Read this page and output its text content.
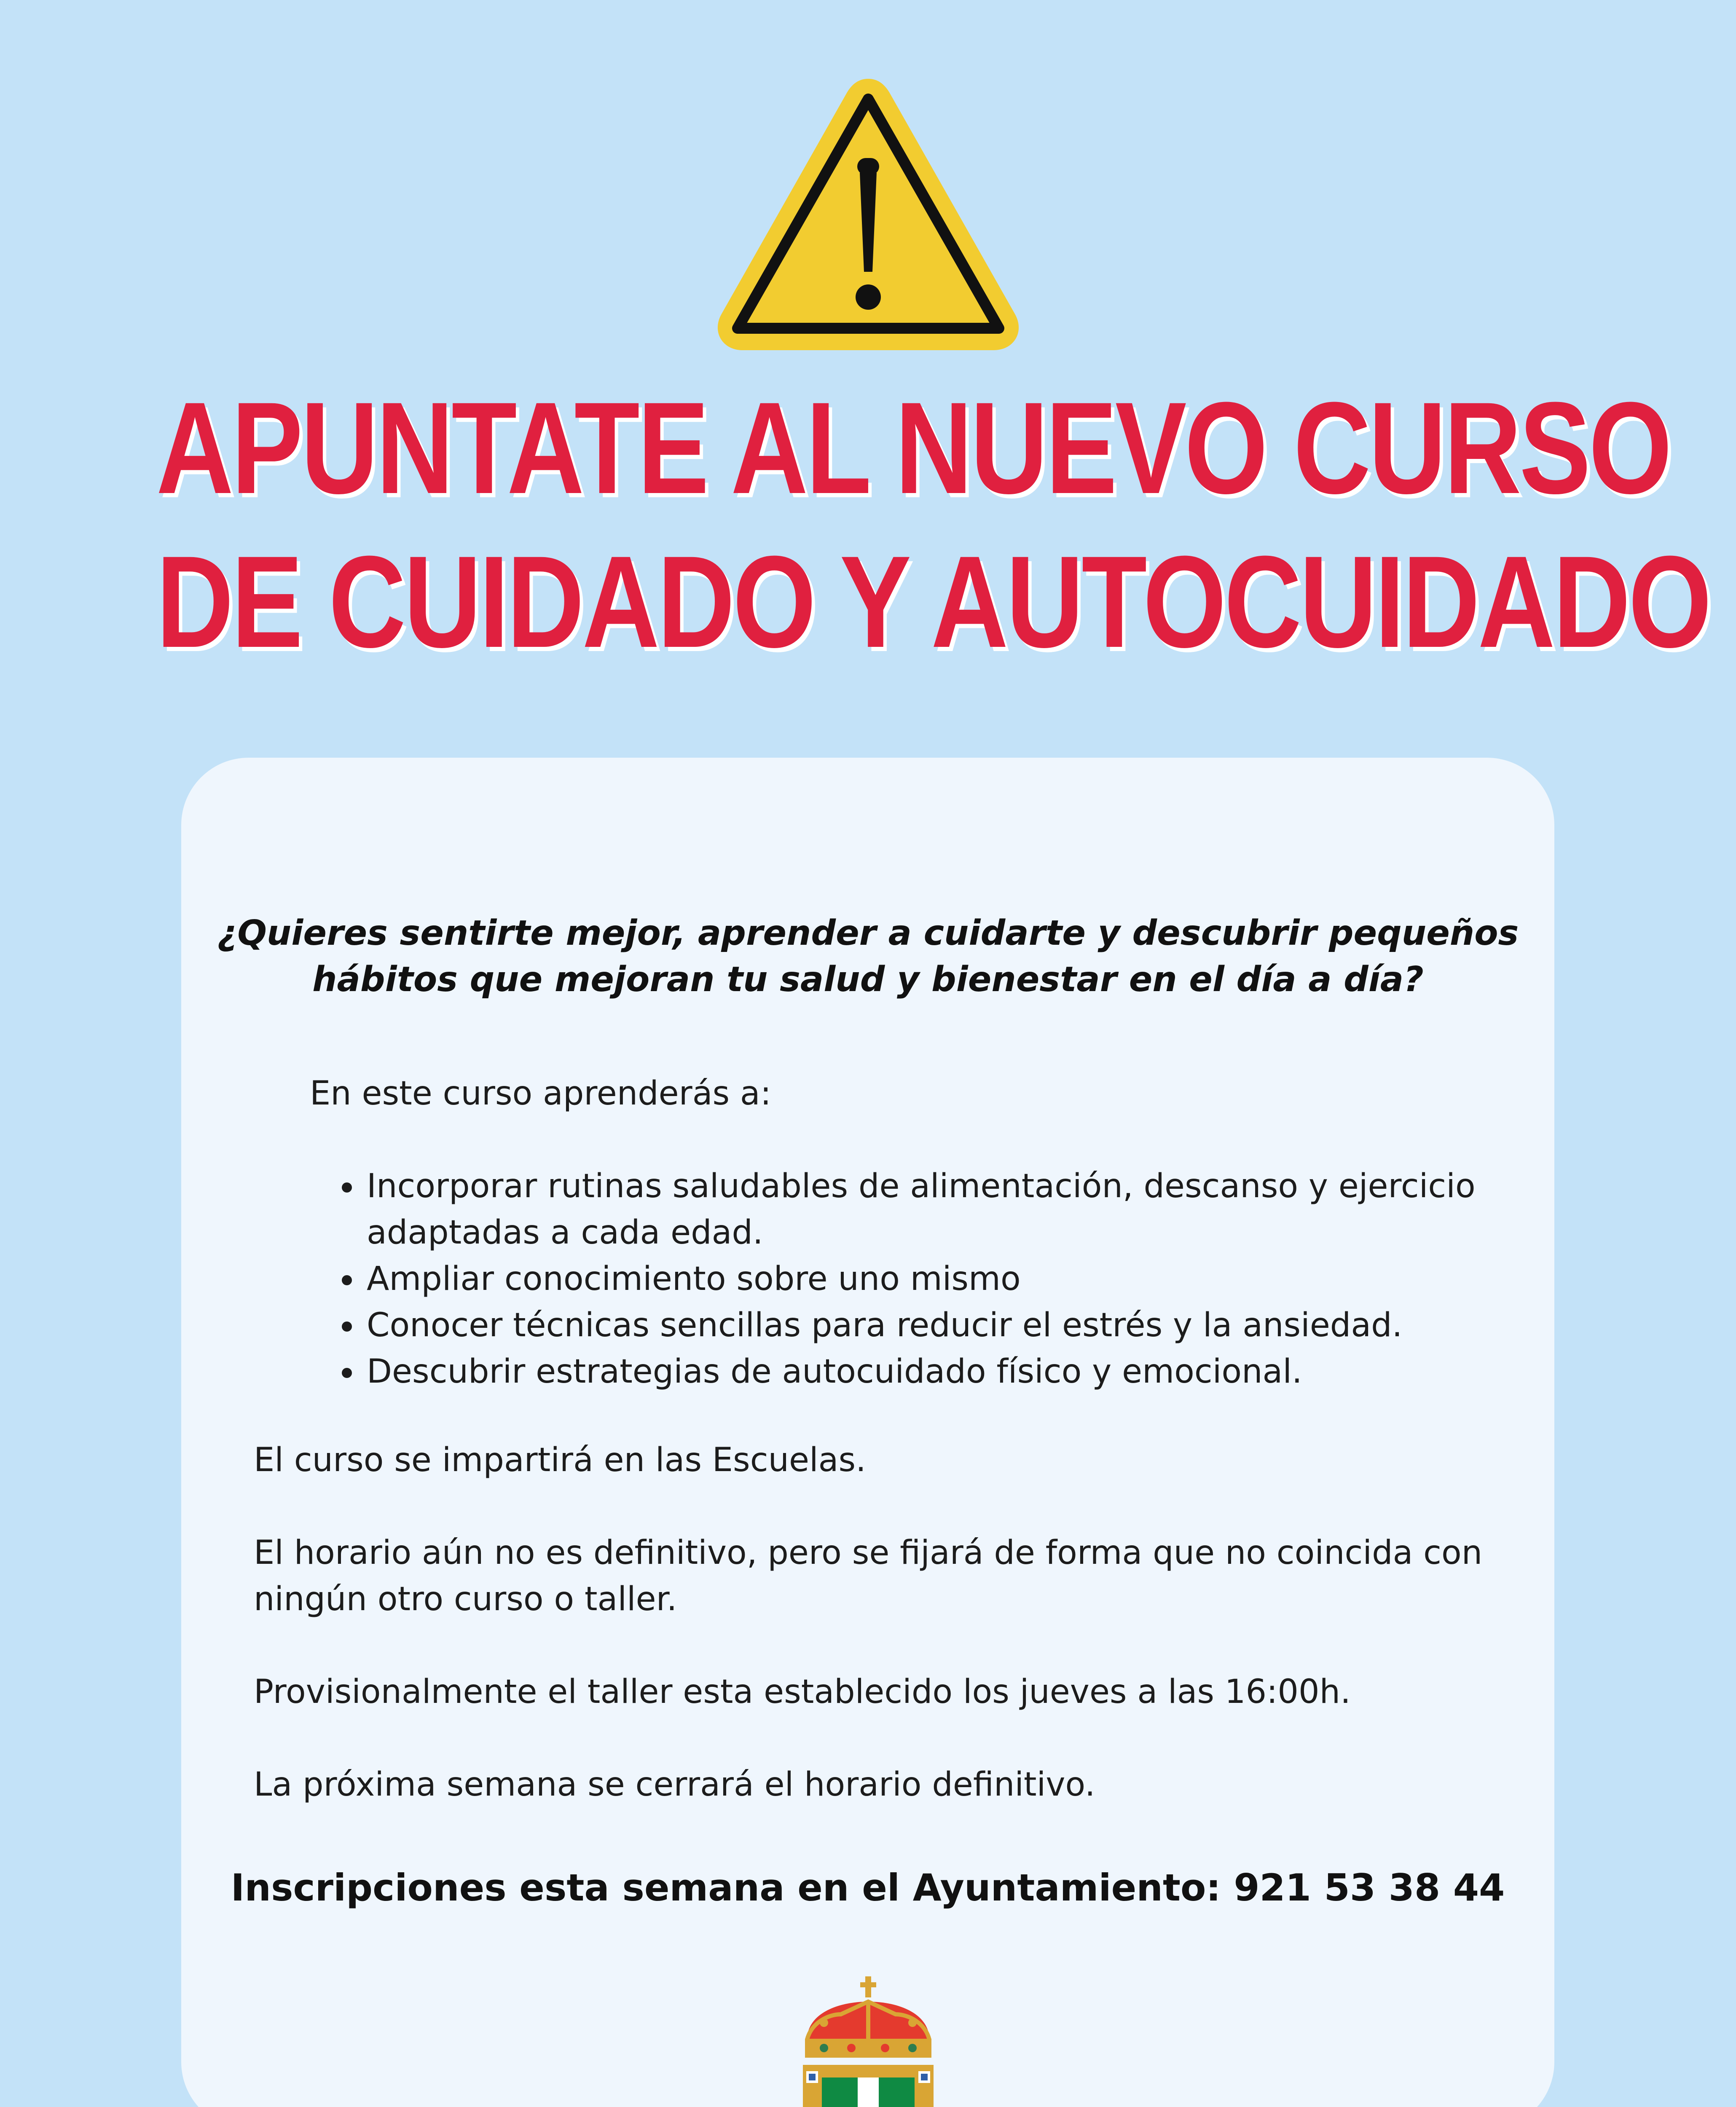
APUNTATE AL NUEVO CURSO
DE CUIDADO Y AUTOCUIDADO
¿Quieres sentirte mejor, aprender a cuidarte y descubrir pequeños
hábitos que mejoran tu salud y bienestar en el día a día?
En este curso aprenderás a:
• Incorporar rutinas saludables de alimentación, descanso y ejercicio adaptadas a cada edad.
• Ampliar conocimiento sobre uno mismo
• Conocer técnicas sencillas para reducir el estrés y la ansiedad.
• Descubrir estrategias de autocuidado físico y emocional.
El curso se impartirá en las Escuelas.
El horario aún no es definitivo, pero se fijará de forma que no coincida con ningún otro curso o taller.
Provisionalmente el taller esta establecido los jueves a las 16:00h.
La próxima semana se cerrará el horario definitivo.
Inscripciones esta semana en el Ayuntamiento: 921 53 38 44
